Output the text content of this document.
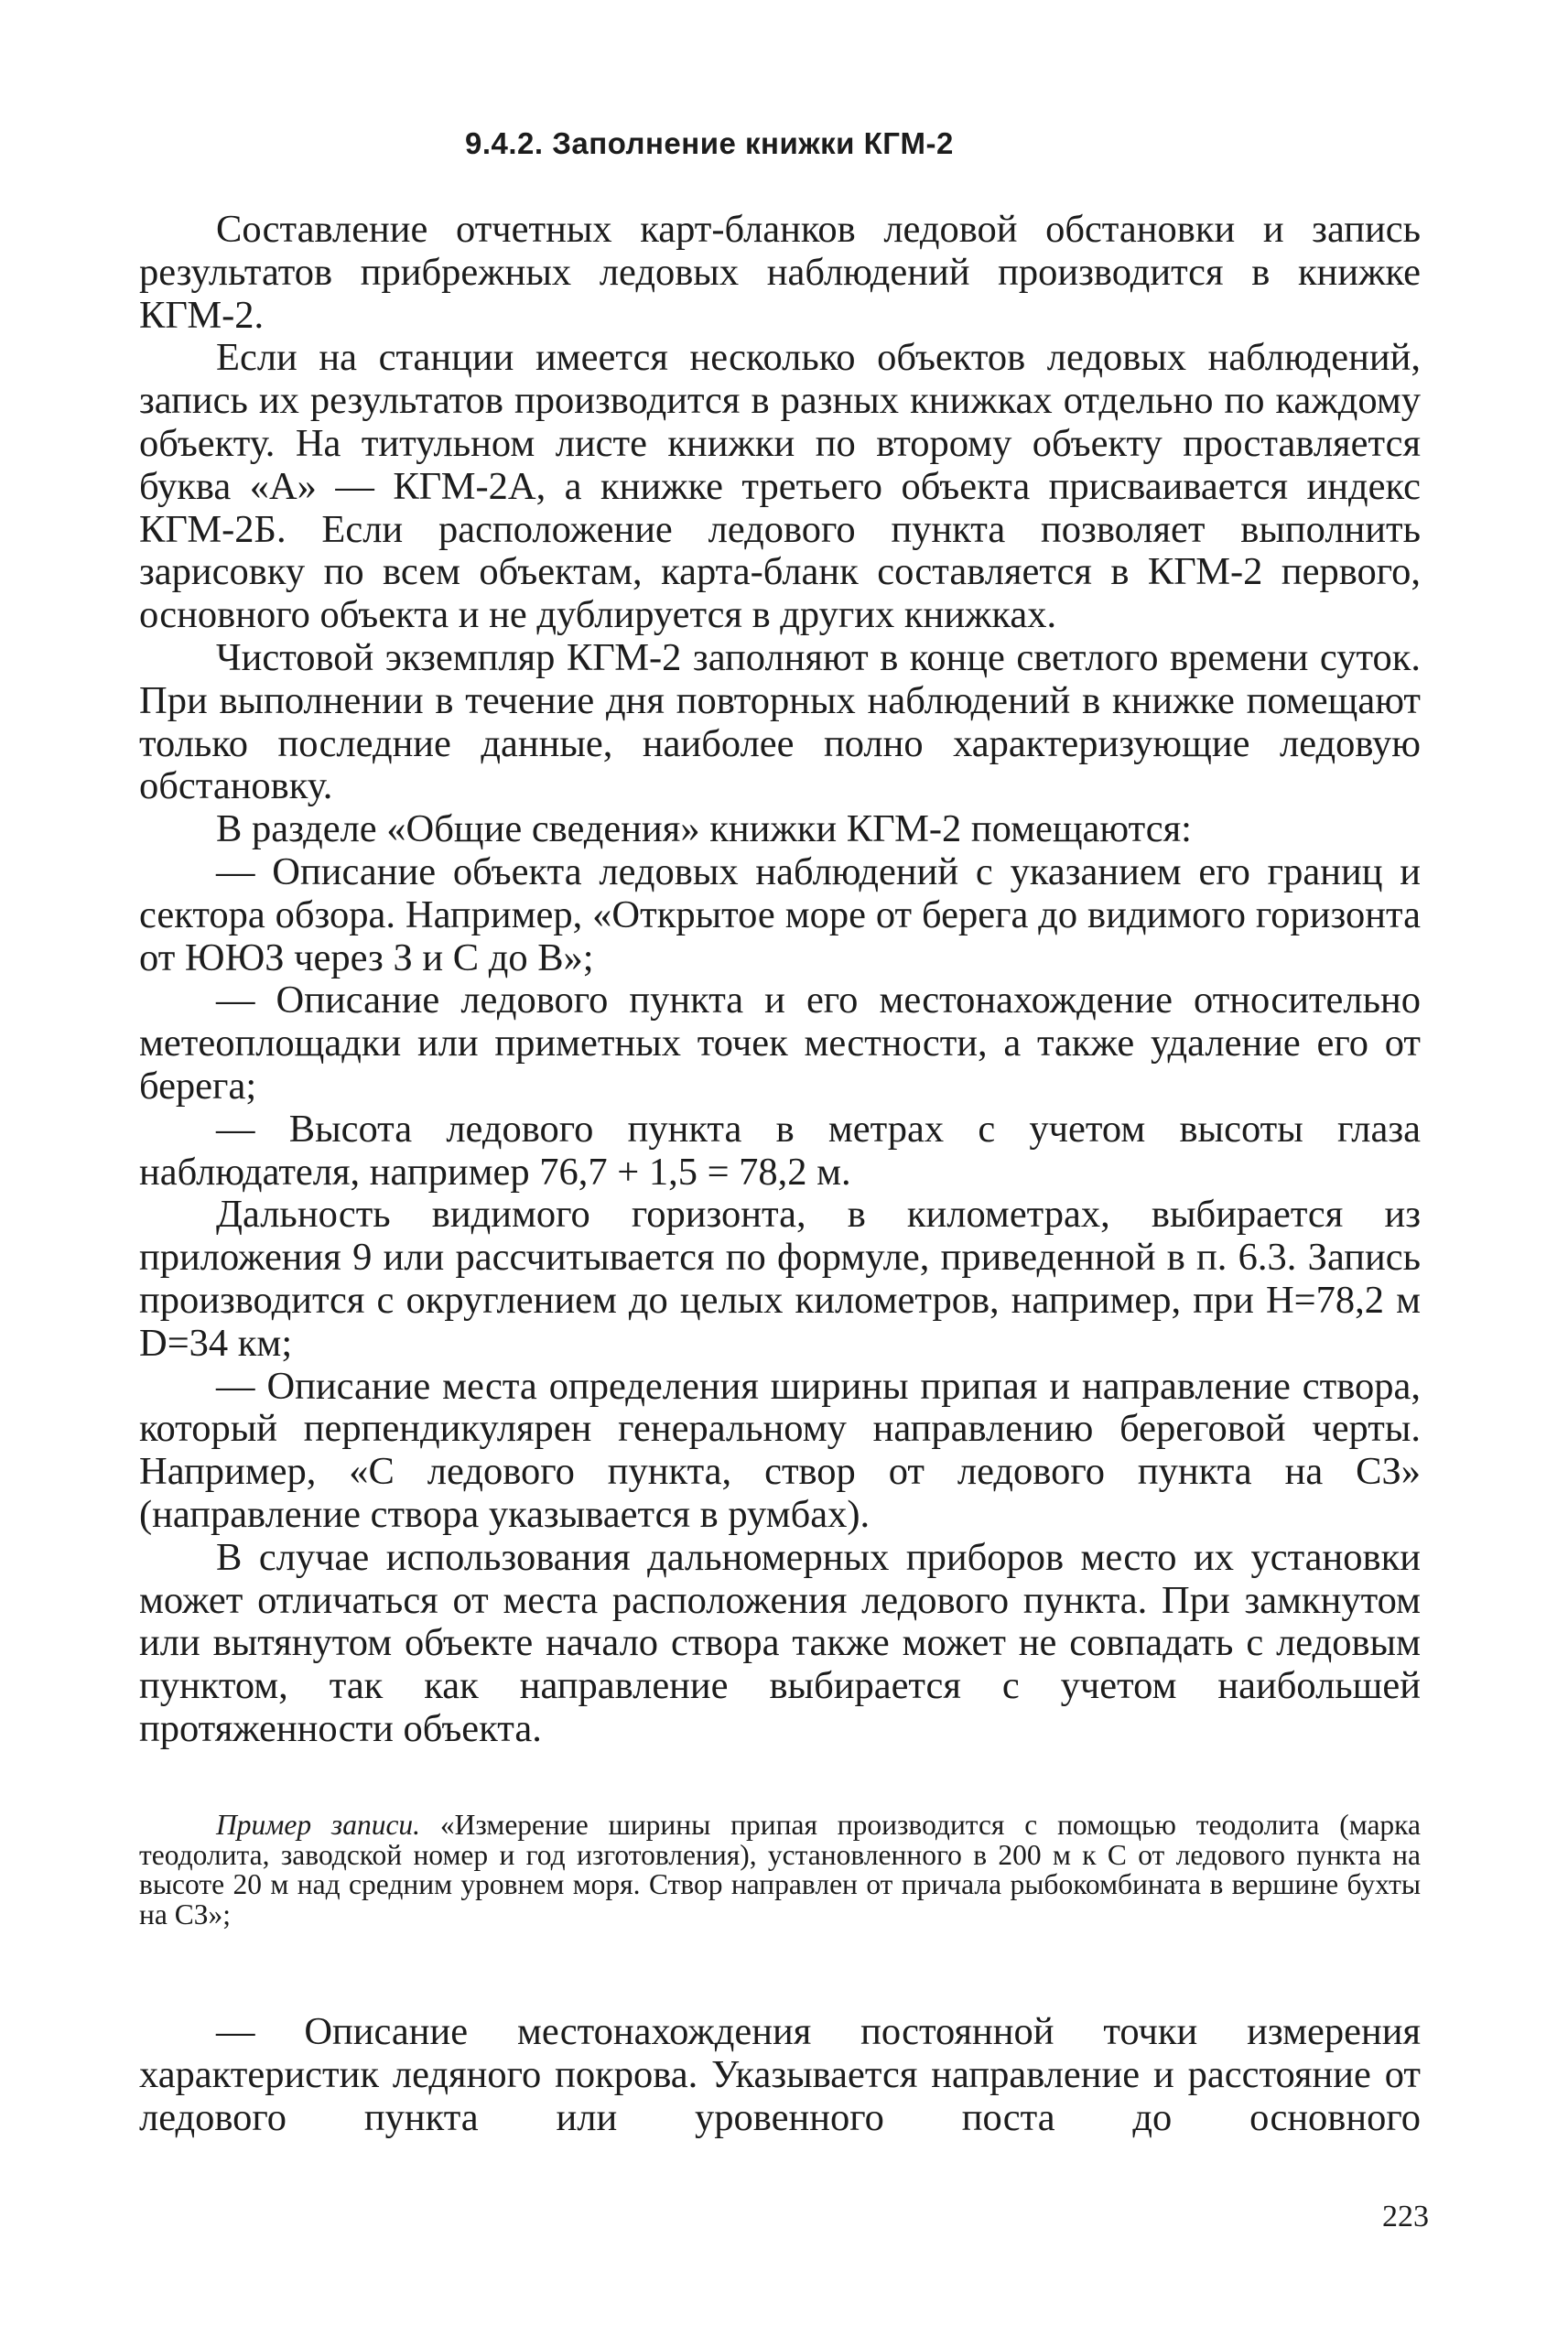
9.4.2. Заполнение книжки КГМ-2

Составление отчетных карт-бланков ледовой обстановки и запись результатов прибрежных ледовых наблюдений производится в книжке КГМ-2.

Если на станции имеется несколько объектов ледовых наблюдений, запись их результатов производится в разных книжках отдельно по каждому объекту. На титульном листе книжки по второму объекту проставляется буква «А» — КГМ-2А, а книжке третьего объекта присваивается индекс КГМ-2Б. Если расположение ледового пункта позволяет выполнить зарисовку по всем объектам, карта-бланк составляется в КГМ-2 первого, основного объекта и не дублируется в других книжках.

Чистовой экземпляр КГМ-2 заполняют в конце светлого времени суток. При выполнении в течение дня повторных наблюдений в книжке помещают только последние данные, наиболее полно характеризующие ледовую обстановку.

В разделе «Общие сведения» книжки КГМ-2 помещаются:

— Описание объекта ледовых наблюдений с указанием его границ и сектора обзора. Например, «Открытое море от берега до видимого горизонта от ЮЮЗ через З и С до В»;

— Описание ледового пункта и его местонахождение относительно метеоплощадки или приметных точек местности, а также удаление его от берега;

— Высота ледового пункта в метрах с учетом высоты глаза наблюдателя, например 76,7 + 1,5 = 78,2 м.

Дальность видимого горизонта, в километрах, выбирается из приложения 9 или рассчитывается по формуле, приведенной в п. 6.3. Запись производится с округлением до целых километров, например, при Н=78,2 м D=34 км;

— Описание места определения ширины припая и направление створа, который перпендикулярен генеральному направлению береговой черты. Например, «С ледового пункта, створ от ледового пункта на СЗ» (направление створа указывается в румбах).

В случае использования дальномерных приборов место их установки может отличаться от места расположения ледового пункта. При замкнутом или вытянутом объекте начало створа также может не совпадать с ледовым пунктом, так как направление выбирается с учетом наибольшей протяженности объекта.

Пример записи. «Измерение ширины припая производится с помощью теодолита (марка теодолита, заводской номер и год изготовления), установленного в 200 м к С от ледового пункта на высоте 20 м над средним уровнем моря. Створ направлен от причала рыбокомбината в вершине бухты на СЗ»;

— Описание местонахождения постоянной точки измерения характеристик ледяного покрова. Указывается направление и расстояние от ледового пункта или уровенного поста до основного

223
